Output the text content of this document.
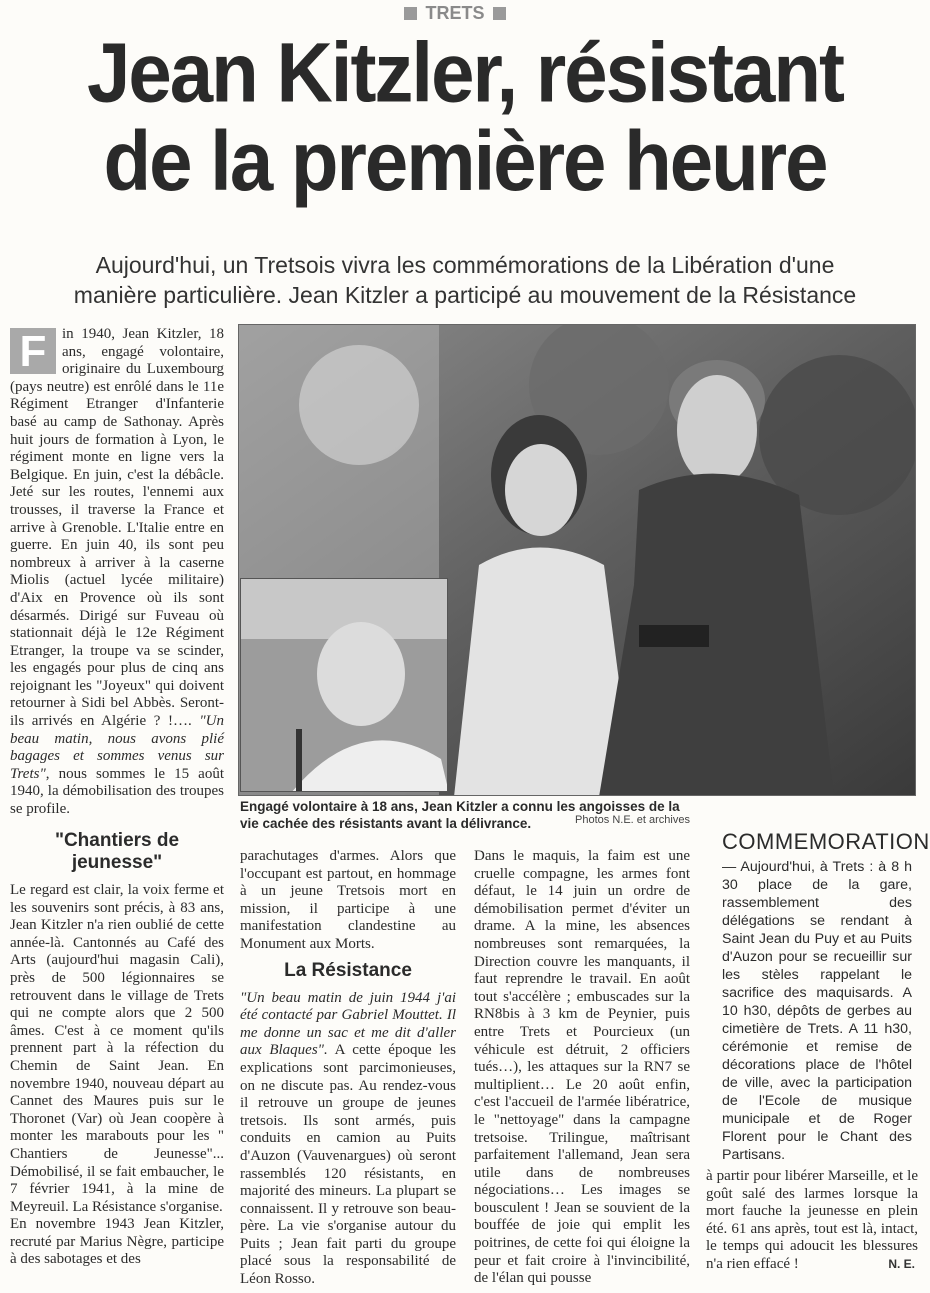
TRETS
Jean Kitzler, résistant
de la première heure
Aujourd'hui, un Tretsois vivra les commémorations de la Libération d'une
manière particulière. Jean Kitzler a participé au mouvement de la Résistance
F	in 1940, Jean Kitzler, 18 ans, engagé volontaire, originaire du Luxembourg (pays neutre) est enrôlé dans le 11e Régiment Etranger d'Infanterie basé au camp de Sathonay. Après huit jours de formation à Lyon, le régiment monte en ligne vers la Belgique. En juin, c'est la débâcle. Jeté sur les routes, l'ennemi aux trousses, il traverse la France et arrive à Grenoble. L'Italie entre en guerre. En juin 40, ils sont peu nombreux à arriver à la caserne Miolis (actuel lycée militaire) d'Aix en Provence où ils sont désarmés. Dirigé sur Fuveau où stationnait déjà le 12e Régiment Etranger, la troupe va se scinder, les engagés pour plus de cinq ans rejoignant les "Joyeux" qui doivent retourner à Sidi bel Abbès. Seront-ils arrivés en Algérie ? !…. "Un beau matin, nous avons plié bagages et sommes venus sur Trets", nous sommes le 15 août 1940, la démobilisation des troupes se profile.
"Chantiers de jeunesse"
Le regard est clair, la voix ferme et les souvenirs sont précis, à 83 ans, Jean Kitzler n'a rien oublié de cette année-là. Cantonnés au Café des Arts (aujourd'hui magasin Cali), près de 500 légionnaires se retrouvent dans le village de Trets qui ne compte alors que 2 500 âmes. C'est à ce moment qu'ils prennent part à la réfection du Chemin de Saint Jean. En novembre 1940, nouveau départ au Cannet des Maures puis sur le Thoronet (Var) où Jean coopère à monter les marabouts pour les " Chantiers de Jeunesse"... Démobilisé, il se fait embaucher, le 7 février 1941, à la mine de Meyreuil. La Résistance s'organise.
En novembre 1943 Jean Kitzler, recruté par Marius Nègre, participe à des sabotages et des
Engagé volontaire à 18 ans, Jean Kitzler a connu les angoisses de la vie cachée des résistants avant la délivrance.	Photos N.E. et archives
parachutages d'armes. Alors que l'occupant est partout, en hommage à un jeune Tretsois mort en mission, il participe à une manifestation clandestine au Monument aux Morts.
La Résistance
"Un beau matin de juin 1944 j'ai été contacté par Gabriel Mouttet. Il me donne un sac et me dit d'aller aux Blaques". A cette époque les explications sont parcimonieuses, on ne discute pas. Au rendez-vous il retrouve un groupe de jeunes tretsois. Ils sont armés, puis conduits en camion au Puits d'Auzon (Vauvenargues) où seront rassemblés 120 résistants, en majorité des mineurs. La plupart se connaissent. Il y retrouve son beau-père. La vie s'organise autour du Puits ; Jean fait parti du groupe placé sous la responsabilité de Léon Rosso.
Dans le maquis, la faim est une cruelle compagne, les armes font défaut, le 14 juin un ordre de démobilisation permet d'éviter un drame. A la mine, les absences nombreuses sont remarquées, la Direction couvre les manquants, il faut reprendre le travail. En août tout s'accélère ; embuscades sur la RN8bis à 3 km de Peynier, puis entre Trets et Pourcieux (un véhicule est détruit, 2 officiers tués…), les attaques sur la RN7 se multiplient… Le 20 août enfin, c'est l'accueil de l'armée libératrice, le "nettoyage" dans la campagne tretsoise. Trilingue, maîtrisant parfaitement l'allemand, Jean sera utile dans de nombreuses négociations… Les images se bousculent ! Jean se souvient de la bouffée de joie qui emplit les poitrines, de cette foi qui éloigne la peur et fait croire à l'invincibilité, de l'élan qui pousse
COMMEMORATION
— Aujourd'hui, à Trets : à 8 h 30 place de la gare, rassemblement des délégations se rendant à Saint Jean du Puy et au Puits d'Auzon pour se recueillir sur les stèles rappelant le sacrifice des maquisards. A 10 h30, dépôts de gerbes au cimetière de Trets. A 11 h30, cérémonie et remise de décorations place de l'hôtel de ville, avec la participation de l'Ecole de musique municipale et de Roger Florent pour le Chant des Partisans.
à partir pour libérer Marseille, et le goût salé des larmes lorsque la mort fauche la jeunesse en plein été. 61 ans après, tout est là, intact, le temps qui adoucit les blessures n'a rien effacé !	N. E.
